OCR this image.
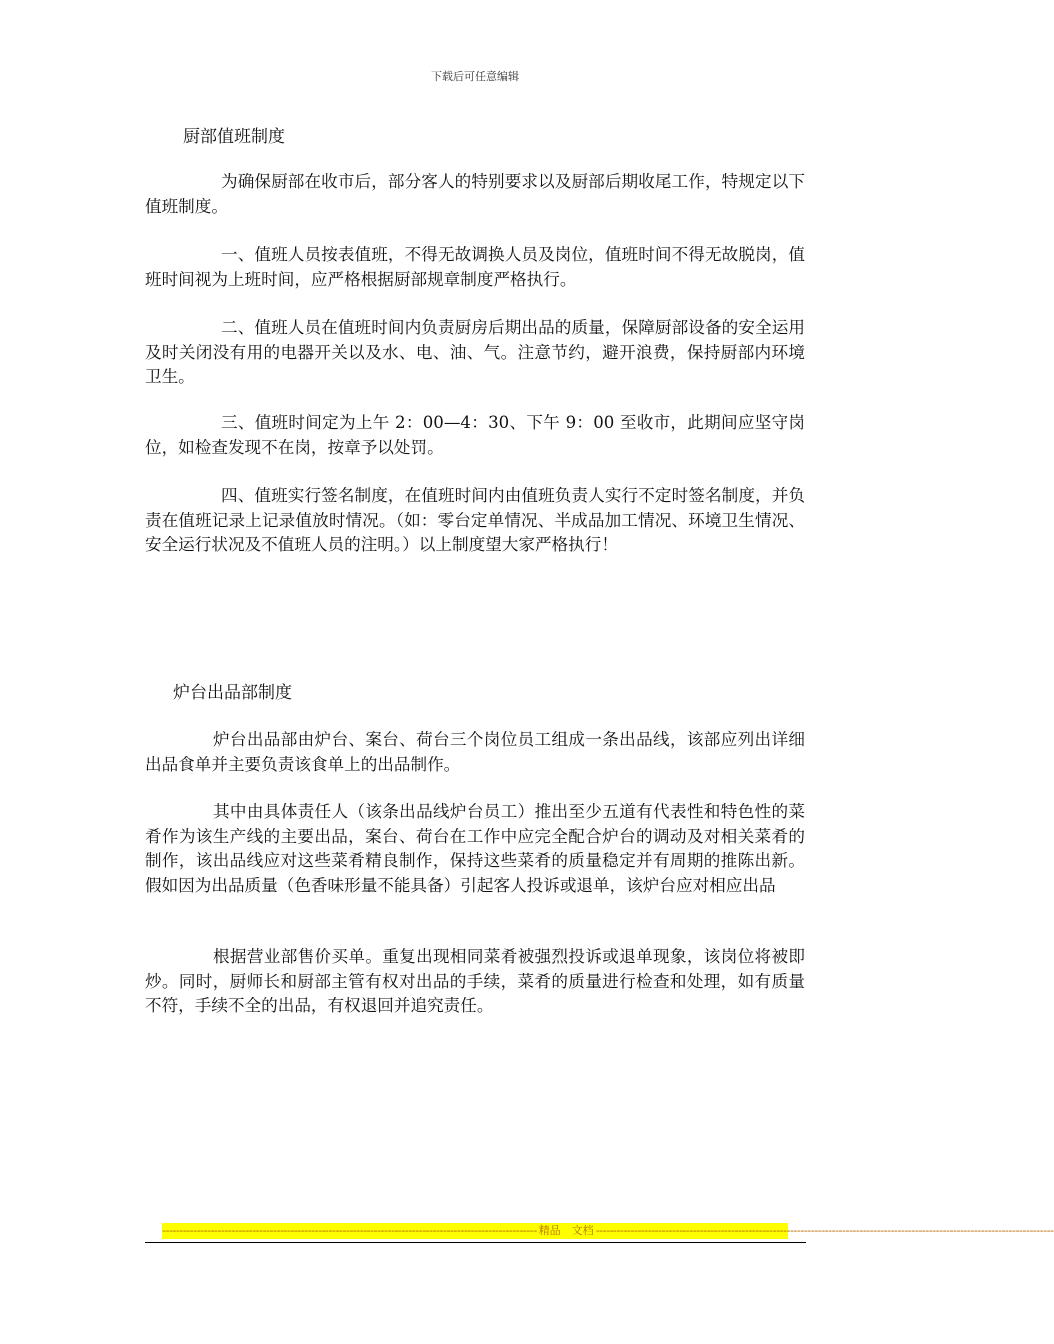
下载后可任意编辑
厨部值班制度

为确保厨部在收市后，部分客人的特别要求以及厨部后期收尾工作，特规定以下值班制度。

一、值班人员按表值班，不得无故调换人员及岗位，值班时间不得无故脱岗，值班时间视为上班时间，应严格根据厨部规章制度严格执行。

二、值班人员在值班时间内负责厨房后期出品的质量，保障厨部设备的安全运用及时关闭没有用的电器开关以及水、电、油、气。注意节约，避开浪费，保持厨部内环境卫生。

三、值班时间定为上午 2：00—4：30、下午 9：00 至收市，此期间应坚守岗位，如检查发现不在岗，按章予以处罚。

四、值班实行签名制度，在值班时间内由值班负责人实行不定时签名制度，并负责在值班记录上记录值放时情况。（如：零台定单情况、半成品加工情况、环境卫生情况、安全运行状况及不值班人员的注明。）以上制度望大家严格执行！

炉台出品部制度

炉台出品部由炉台、案台、荷台三个岗位员工组成一条出品线，该部应列出详细出品食单并主要负责该食单上的出品制作。

其中由具体责任人（该条出品线炉台员工）推出至少五道有代表性和特色性的菜肴作为该生产线的主要出品，案台、荷台在工作中应完全配合炉台的调动及对相关菜肴的制作，该出品线应对这些菜肴精良制作，保持这些菜肴的质量稳定并有周期的推陈出新。假如因为出品质量（色香味形量不能具备）引起客人投诉或退单，该炉台应对相应出品

根据营业部售价买单。重复出现相同菜肴被强烈投诉或退单现象，该岗位将被即炒。同时，厨师长和厨部主管有权对出品的手续，菜肴的质量进行检查和处理，如有质量不符，手续不全的出品，有权退回并追究责任。

------------------------------------------------------------------------------------------------------------ 精品　文档 ------------------------------------------------------------------------------------------------------------------------------------
